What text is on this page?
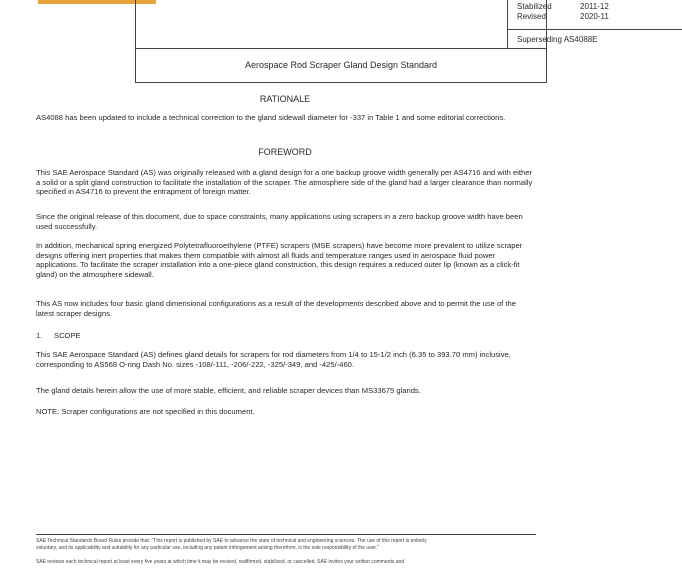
Stabilized	2011-12
Revised	2020-11
Superseding AS4088E
Aerospace Rod Scraper Gland Design Standard
RATIONALE

AS4088 has been updated to include a technical correction to the gland sidewall diameter for -337 in Table 1 and some editorial corrections.

FOREWORD

This SAE Aerospace Standard (AS) was originally released with a gland design for a one backup groove width generally per AS4716 and with either a solid or a split gland construction to facilitate the installation of the scraper. The atmosphere side of the gland had a larger clearance than normally specified in AS4716 to prevent the entrapment of foreign matter.

Since the original release of this document, due to space constraints, many applications using scrapers in a zero backup groove width have been used successfully.

In addition, mechanical spring energized Polytetrafluoroethylene (PTFE) scrapers (MSE scrapers) have become more prevalent to utilize scraper designs offering inert properties that makes them compatible with almost all fluids and temperature ranges used in aerospace fluid power applications. To facilitate the scraper installation into a one-piece gland construction, this design requires a reduced outer lip (known as a click-fit gland) on the atmosphere sidewall.

This AS now includes four basic gland dimensional configurations as a result of the developments described above and to permit the use of the latest scraper designs.

1. SCOPE

This SAE Aerospace Standard (AS) defines gland details for scrapers for rod diameters from 1/4 to 15-1/2 inch (6.35 to 393.70 mm) inclusive, corresponding to AS568 O-ring Dash No. sizes -108/-111, -206/-222, -325/-349, and -425/-460.

The gland details herein allow the use of more stable, efficient, and reliable scraper devices than MS33675 glands.

NOTE: Scraper configurations are not specified in this document.

SAE Technical Standards Board Rules provide that: "This report is published by SAE to advance the state of technical and engineering sciences. The use of this report is entirely
voluntary, and its applicability and suitability for any particular use, including any patent infringement arising therefrom, is the sole responsibility of the user."
SAE reviews each technical report at least every five years at which time it may be revised, reaffirmed, stabilized, or cancelled. SAE invites your written comments and
